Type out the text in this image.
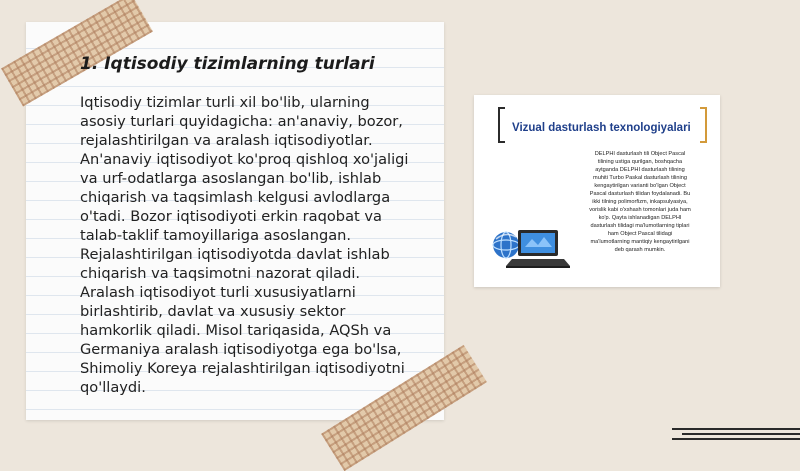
1. Iqtisodiy tizimlarning turlari

Iqtisodiy tizimlar turli xil bo'lib, ularning
asosiy turlari quyidagicha: an'anaviy, bozor,
rejalashtirilgan va aralash iqtisodiyotlar.
An'anaviy iqtisodiyot ko'proq qishloq xo'jaligi
va urf-odatlarga asoslangan bo'lib, ishlab
chiqarish va taqsimlash kelgusi avlodlarga
o'tadi. Bozor iqtisodiyoti erkin raqobat va
talab-taklif tamoyillariga asoslangan.
Rejalashtirilgan iqtisodiyotda davlat ishlab
chiqarish va taqsimotni nazorat qiladi.
Aralash iqtisodiyot turli xususiyatlarni
birlashtirib, davlat va xususiy sektor
hamkorlik qiladi. Misol tariqasida, AQSh va
Germaniya aralash iqtisodiyotga ega bo'lsa,
Shimoliy Koreya rejalashtirilgan iqtisodiyotni
qo'llaydi.

Vizual dasturlash texnologiyalari

DELPHI dasturlash tili Object Pascal
tilining ustiga qurilgan, boshqacha
aytganda DELPHI dasturlash tilining
muhiti Turbo Paskal dasturlash tilining
kengaytirilgan varianti bo'lgan Object
Pascal dasturlash tilidan foydalanadi. Bu
ikki tilning polimorfizm, inkapsulyasiya,
vorislik kabi o'xshash tomonlari juda ham
ko'p. Qayta ishlanadigan DELPHI
dasturlash tilidagi ma'lumotlarning tiplari
ham Object Pascal tilidagi
ma'lumotlarning mantiqiy kengaytirilgani
deb qarash mumkin.
